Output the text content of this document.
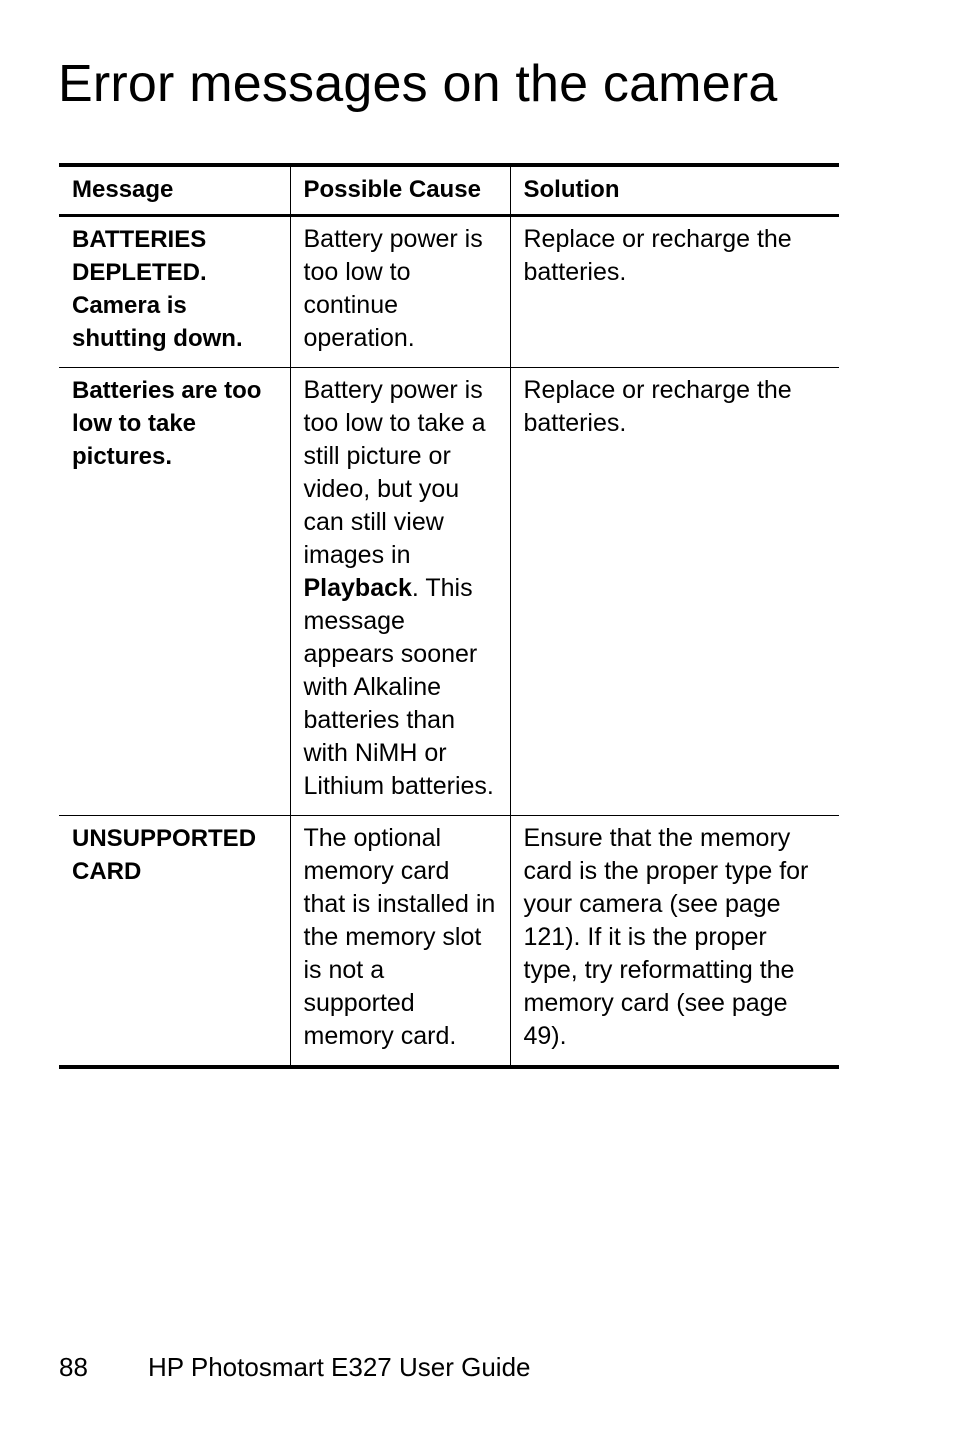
Error messages on the camera
Message	Possible Cause	Solution
BATTERIES DEPLETED. Camera is shutting down.	Battery power is too low to continue operation.	Replace or recharge the batteries.
Batteries are too low to take pictures.	Battery power is too low to take a still picture or video, but you can still view images in Playback. This message appears sooner with Alkaline batteries than with NiMH or Lithium batteries.	Replace or recharge the batteries.
UNSUPPORTED CARD	The optional memory card that is installed in the memory slot is not a supported memory card.	Ensure that the memory card is the proper type for your camera (see page 121). If it is the proper type, try reformatting the memory card (see page 49).
88 HP Photosmart E327 User Guide
